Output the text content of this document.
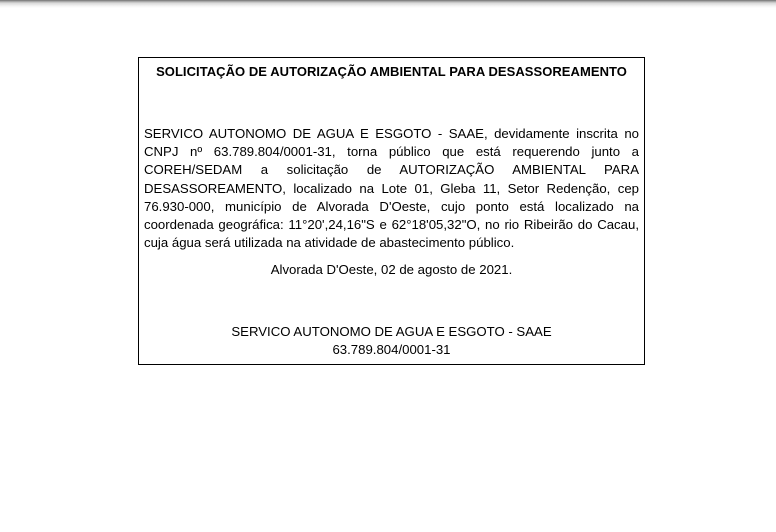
SOLICITAÇÃO DE AUTORIZAÇÃO AMBIENTAL PARA DESASSOREAMENTO
SERVICO AUTONOMO DE AGUA E ESGOTO - SAAE, devidamente inscrita no CNPJ nº 63.789.804/0001-31, torna público que está requerendo junto a COREH/SEDAM a solicitação de AUTORIZAÇÃO AMBIENTAL PARA DESASSOREAMENTO, localizado na Lote 01, Gleba 11, Setor Redenção, cep 76.930-000, município de Alvorada D'Oeste, cujo ponto está localizado na coordenada geográfica: 11°20',24,16"S e 62°18'05,32"O, no rio Ribeirão do Cacau, cuja água será utilizada na atividade de abastecimento público.
Alvorada D'Oeste, 02 de agosto de 2021.
SERVICO AUTONOMO DE AGUA E ESGOTO - SAAE
63.789.804/0001-31
